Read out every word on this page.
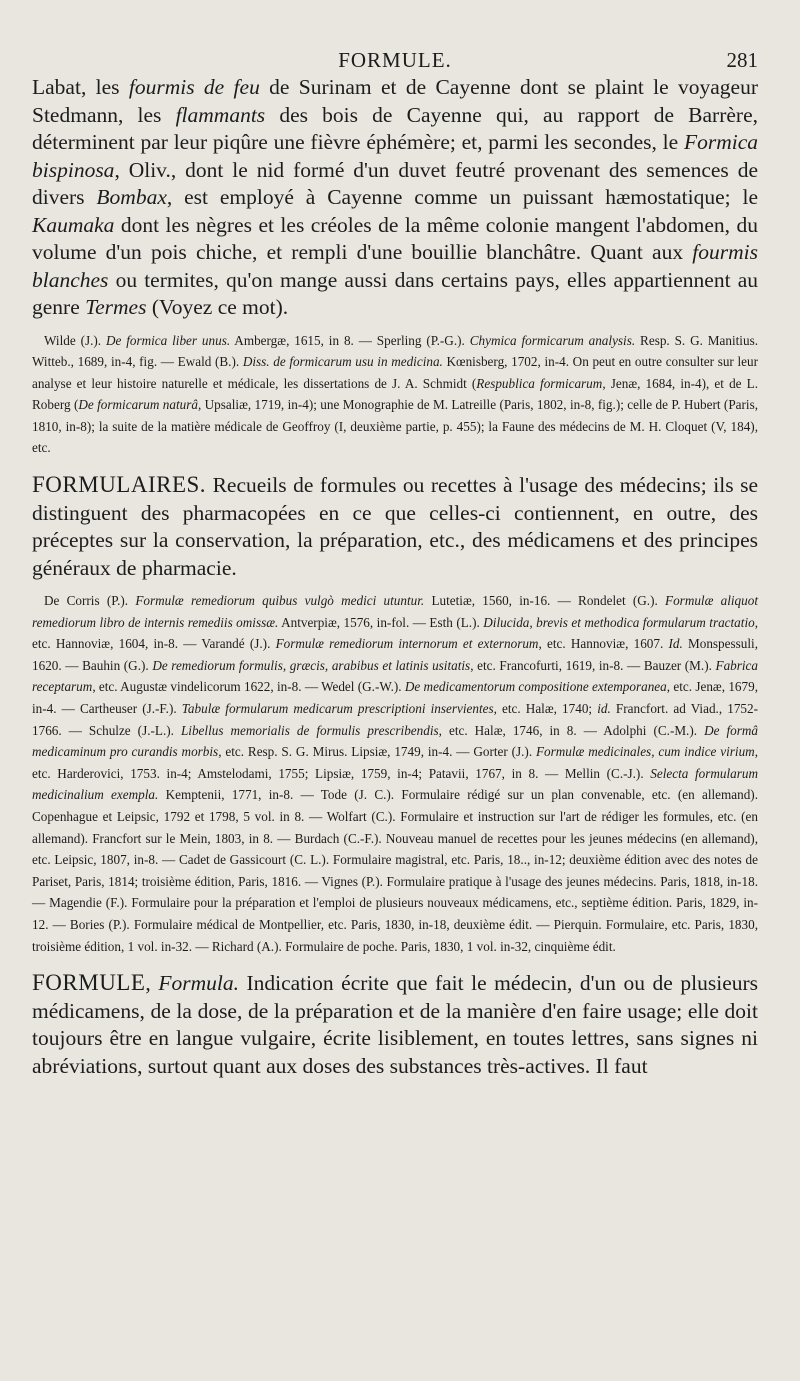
FORMULE.	281

Labat, les fourmis de feu de Surinam et de Cayenne dont se plaint le voyageur Stedmann, les flammants des bois de Cayenne qui, au rapport de Barrère, déterminent par leur piqûre une fièvre éphémère; et, parmi les secondes, le Formica bispinosa, Oliv., dont le nid formé d'un duvet feutré provenant des semences de divers Bombax, est employé à Cayenne comme un puissant hæmostatique; le Kaumaka dont les nègres et les créoles de la même colonie mangent l'abdomen, du volume d'un pois chiche, et rempli d'une bouillie blanchâtre. Quant aux fourmis blanches ou termites, qu'on mange aussi dans certains pays, elles appartiennent au genre Termes (Voyez ce mot).

Wilde (J.). De formica liber unus. Ambergæ, 1615, in 8. — Sperling (P.-G.). Chymica formicarum analysis. Resp. S. G. Manitius. Witteb., 1689, in-4, fig. — Ewald (B.). Diss. de formicarum usu in medicina. Kœnisberg, 1702, in-4. On peut en outre consulter sur leur analyse et leur histoire naturelle et médicale, les dissertations de J. A. Schmidt (Respublica formicarum, Jenæ, 1684, in-4), et de L. Roberg (De formicarum naturâ, Upsaliæ, 1719, in-4); une Monographie de M. Latreille (Paris, 1802, in-8, fig.); celle de P. Hubert (Paris, 1810, in-8); la suite de la matière médicale de Geoffroy (I, deuxième partie, p. 455); la Faune des médecins de M. H. Cloquet (V, 184), etc.

FORMULAIRES. Recueils de formules ou recettes à l'usage des médecins; ils se distinguent des pharmacopées en ce que celles-ci contiennent, en outre, des préceptes sur la conservation, la préparation, etc., des médicamens et des principes généraux de pharmacie.

De Corris (P.). Formulæ remediorum quibus vulgò medici utuntur. Lutetiæ, 1560, in-16. — Rondelet (G.). Formulæ aliquot remediorum libro de internis remediis omissæ. Antverpiæ, 1576, in-fol. — Esth (L.). Dilucida, brevis et methodica formularum tractatio, etc. Hannoviæ, 1604, in-8. — Varandé (J.). Formulæ remediorum internorum et externorum, etc. Hannoviæ, 1607. Id. Monspessuli, 1620. — Bauhin (G.). De remediorum formulis, græcis, arabibus et latinis usitatis, etc. Francofurti, 1619, in-8. — Bauzer (M.). Fabrica receptarum, etc. Augustæ vindelicorum 1622, in-8. — Wedel (G.-W.). De medicamentorum compositione extemporanea, etc. Jenæ, 1679, in-4. — Cartheuser (J.-F.). Tabulæ formularum medicarum prescriptioni inservientes, etc. Halæ, 1740; id. Francfort. ad Viad., 1752-1766. — Schulze (J.-L.). Libellus memorialis de formulis prescribendis, etc. Halæ, 1746, in 8. — Adolphi (C.-M.). De formâ medicaminum pro curandis morbis, etc. Resp. S. G. Mirus. Lipsiæ, 1749, in-4. — Gorter (J.). Formulæ medicinales, cum indice virium, etc. Harderovici, 1753. in-4; Amstelodami, 1755; Lipsiæ, 1759, in-4; Patavii, 1767, in 8. — Mellin (C.-J.). Selecta formularum medicinalium exempla. Kemptenii, 1771, in-8. — Tode (J. C.). Formulaire rédigé sur un plan convenable, etc. (en allemand). Copenhague et Leipsic, 1792 et 1798, 5 vol. in 8. — Wolfart (C.). Formulaire et instruction sur l'art de rédiger les formules, etc. (en allemand). Francfort sur le Mein, 1803, in 8. — Burdach (C.-F.). Nouveau manuel de recettes pour les jeunes médecins (en allemand), etc. Leipsic, 1807, in-8. — Cadet de Gassicourt (C. L.). Formulaire magistral, etc. Paris, 18.., in-12; deuxième édition avec des notes de Pariset, Paris, 1814; troisième édition, Paris, 1816. — Vignes (P.). Formulaire pratique à l'usage des jeunes médecins. Paris, 1818, in-18. — Magendie (F.). Formulaire pour la préparation et l'emploi de plusieurs nouveaux médicamens, etc., septième édition. Paris, 1829, in-12. — Bories (P.). Formulaire médical de Montpellier, etc. Paris, 1830, in-18, deuxième édit. — Pierquin. Formulaire, etc. Paris, 1830, troisième édition, 1 vol. in-32. — Richard (A.). Formulaire de poche. Paris, 1830, 1 vol. in-32, cinquième édit.

FORMULE, Formula. Indication écrite que fait le médecin, d'un ou de plusieurs médicamens, de la dose, de la préparation et de la manière d'en faire usage; elle doit toujours être en langue vulgaire, écrite lisiblement, en toutes lettres, sans signes ni abréviations, surtout quant aux doses des substances très-actives. Il faut
